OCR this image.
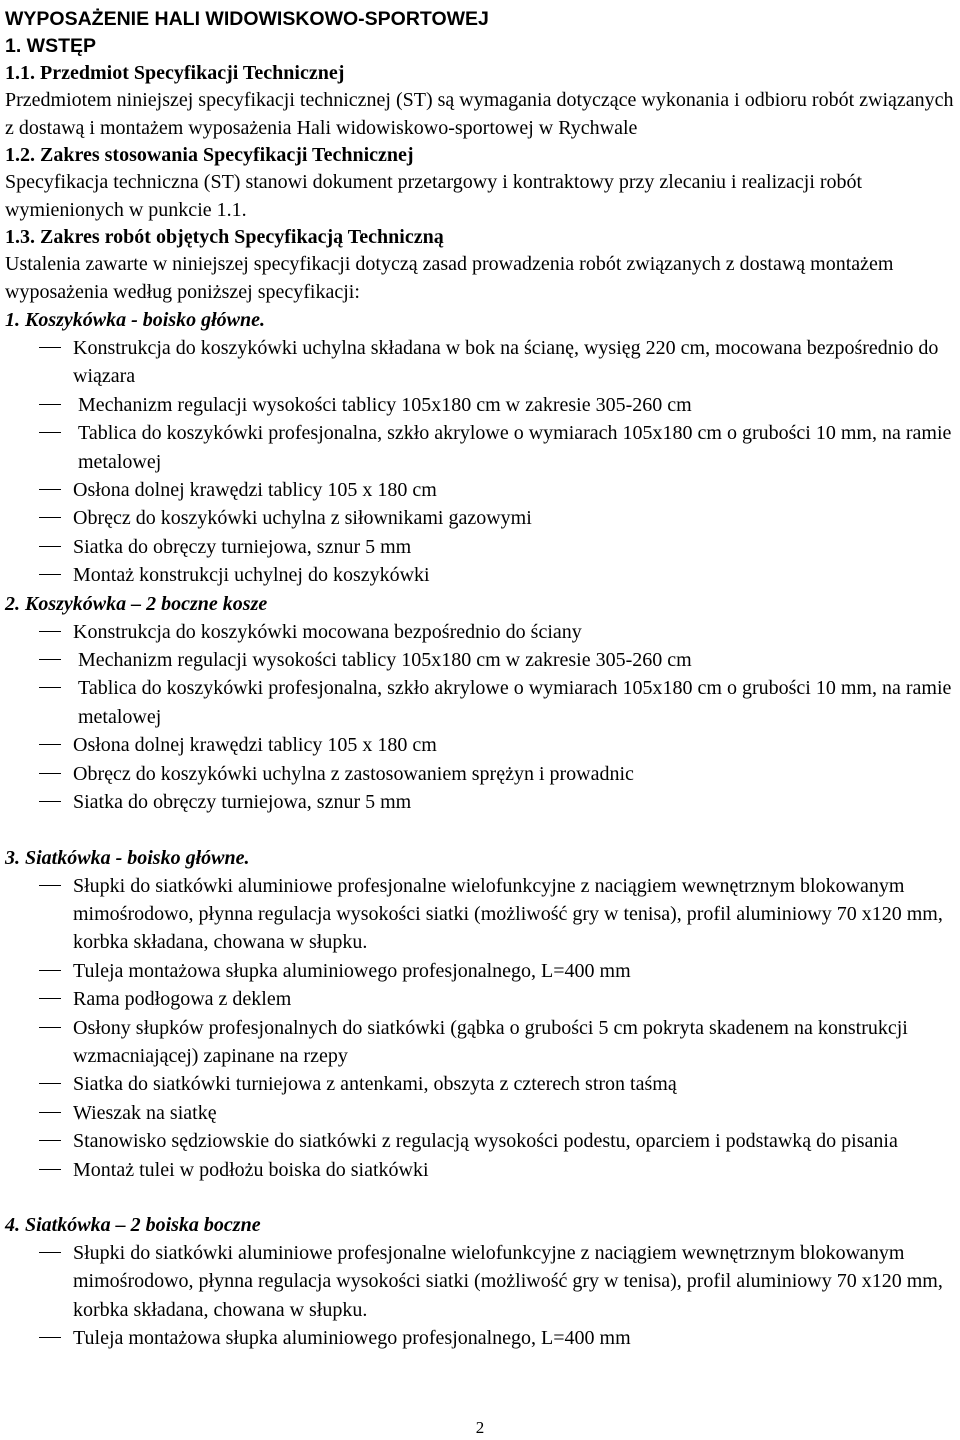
WYPOSAŻENIE HALI WIDOWISKOWO-SPORTOWEJ
1. WSTĘP
1.1. Przedmiot Specyfikacji Technicznej
Przedmiotem niniejszej specyfikacji technicznej (ST) są wymagania dotyczące wykonania i odbioru robót związanych z dostawą i montażem wyposażenia Hali widowiskowo-sportowej w Rychwale
1.2. Zakres stosowania Specyfikacji Technicznej
Specyfikacja techniczna (ST) stanowi dokument przetargowy i kontraktowy przy zlecaniu i realizacji robót wymienionych w punkcie 1.1.
1.3. Zakres robót objętych Specyfikacją Techniczną
Ustalenia zawarte w niniejszej specyfikacji dotyczą zasad prowadzenia robót związanych z dostawą montażem wyposażenia według poniższej specyfikacji:
1. Koszykówka - boisko główne.
Konstrukcja do koszykówki uchylna składana w bok na ścianę, wysięg 220 cm, mocowana bezpośrednio do wiązara
Mechanizm regulacji wysokości tablicy 105x180 cm w zakresie 305-260 cm
Tablica do koszykówki profesjonalna, szkło akrylowe o wymiarach 105x180 cm o grubości 10 mm, na ramie metalowej
Osłona dolnej krawędzi tablicy 105 x 180 cm
Obręcz do koszykówki uchylna z siłownikami gazowymi
Siatka do obręczy turniejowa, sznur 5 mm
Montaż konstrukcji uchylnej do koszykówki
2. Koszykówka – 2 boczne kosze
Konstrukcja do koszykówki mocowana bezpośrednio do ściany
Mechanizm regulacji wysokości tablicy 105x180 cm w zakresie 305-260 cm
Tablica do koszykówki profesjonalna, szkło akrylowe o wymiarach 105x180 cm o grubości 10 mm, na ramie metalowej
Osłona dolnej krawędzi tablicy 105 x 180 cm
Obręcz do koszykówki uchylna z zastosowaniem sprężyn i prowadnic
Siatka do obręczy turniejowa, sznur 5 mm
3. Siatkówka - boisko główne.
Słupki do siatkówki aluminiowe profesjonalne wielofunkcyjne z naciągiem wewnętrznym blokowanym mimośrodowo, płynna regulacja wysokości siatki (możliwość gry w tenisa), profil aluminiowy 70 x120 mm, korbka składana, chowana w słupku.
Tuleja montażowa słupka aluminiowego profesjonalnego, L=400 mm
Rama podłogowa z deklem
Osłony słupków profesjonalnych do siatkówki (gąbka o grubości 5 cm pokryta skadenem na konstrukcji wzmacniającej) zapinane na rzepy
Siatka do siatkówki turniejowa z antenkami, obszyta z czterech stron taśmą
Wieszak na siatkę
Stanowisko sędziowskie do siatkówki z regulacją wysokości podestu, oparciem i podstawką do pisania
Montaż tulei w podłożu boiska do siatkówki
4. Siatkówka – 2 boiska boczne
Słupki do siatkówki aluminiowe profesjonalne wielofunkcyjne z naciągiem wewnętrznym blokowanym mimośrodowo, płynna regulacja wysokości siatki (możliwość gry w tenisa), profil aluminiowy 70 x120 mm, korbka składana, chowana w słupku.
Tuleja montażowa słupka aluminiowego profesjonalnego, L=400 mm
2
